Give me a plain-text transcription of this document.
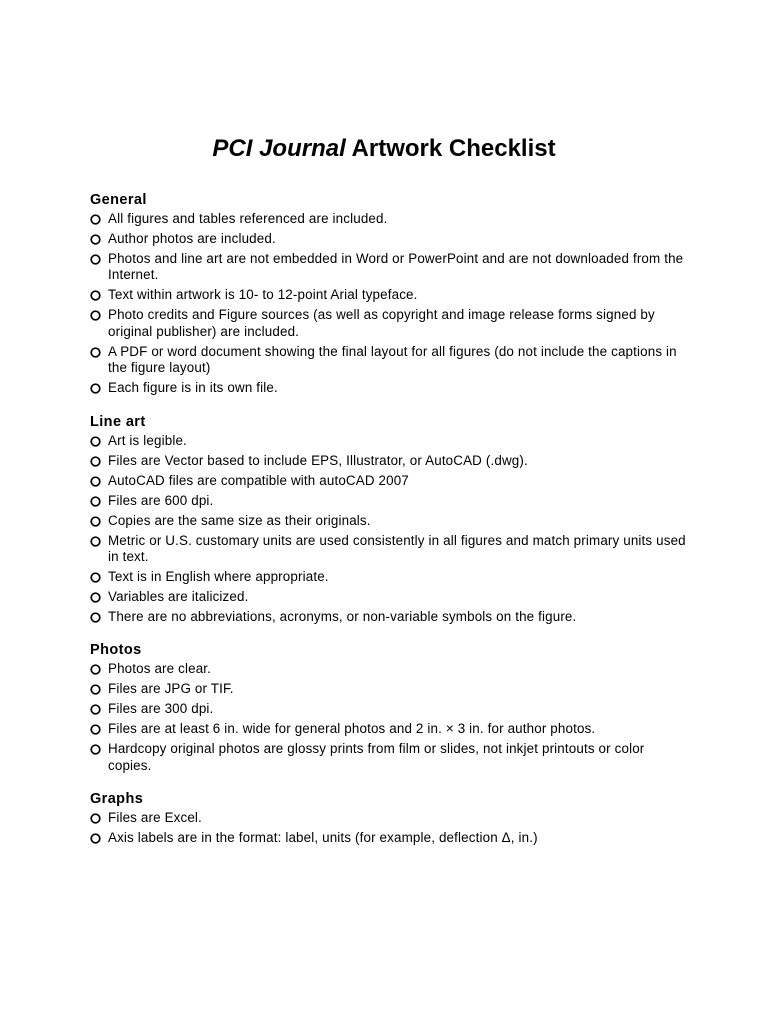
PCI Journal Artwork Checklist
General
All figures and tables referenced are included.
Author photos are included.
Photos and line art are not embedded in Word or PowerPoint and are not downloaded from the Internet.
Text within artwork is 10- to 12-point Arial typeface.
Photo credits and Figure sources (as well as copyright and image release forms signed by original publisher) are included.
A PDF or word document showing the final layout for all figures (do not include the captions in the figure layout)
Each figure is in its own file.
Line art
Art is legible.
Files are Vector based to include EPS, Illustrator, or AutoCAD (.dwg).
AutoCAD files are compatible with autoCAD 2007
Files are 600 dpi.
Copies are the same size as their originals.
Metric or U.S. customary units are used consistently in all figures and match primary units used in text.
Text is in English where appropriate.
Variables are italicized.
There are no abbreviations, acronyms, or non-variable symbols on the figure.
Photos
Photos are clear.
Files are JPG or TIF.
Files are 300 dpi.
Files are at least 6 in. wide for general photos and 2 in. × 3 in. for author photos.
Hardcopy original photos are glossy prints from film or slides, not inkjet printouts or color copies.
Graphs
Files are Excel.
Axis labels are in the format: label, units (for example, deflection Δ, in.)
